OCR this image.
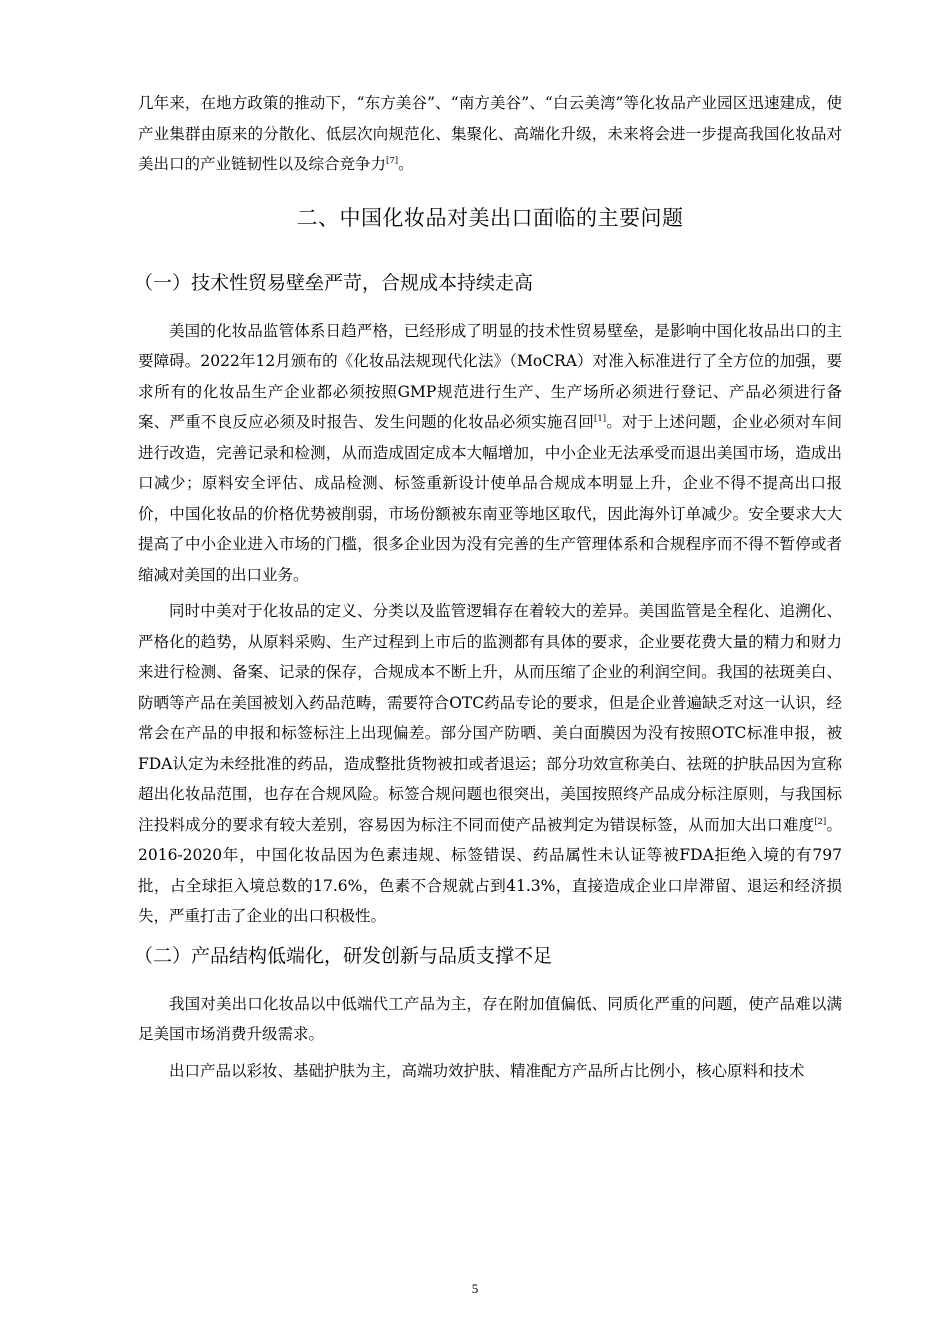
几年来，在地方政策的推动下，“东方美谷”、“南方美谷”、“白云美湾”等化妆品产业园区迅速建成，使产业集群由原来的分散化、低层次向规范化、集聚化、高端化升级，未来将会进一步提高我国化妆品对美出口的产业链韧性以及综合竞争力[7]。

二、中国化妆品对美出口面临的主要问题
（一）技术性贸易壁垒严苛，合规成本持续走高

美国的化妆品监管体系日趋严格，已经形成了明显的技术性贸易壁垒，是影响中国化妆品出口的主要障碍。2022年12月颁布的《化妆品法规现代化法》（MoCRA）对准入标准进行了全方位的加强，要求所有的化妆品生产企业都必须按照GMP规范进行生产、生产场所必须进行登记、产品必须进行备案、严重不良反应必须及时报告、发生问题的化妆品必须实施召回[1]。对于上述问题，企业必须对车间进行改造，完善记录和检测，从而造成固定成本大幅增加，中小企业无法承受而退出美国市场，造成出口减少；原料安全评估、成品检测、标签重新设计使单品合规成本明显上升，企业不得不提高出口报价，中国化妆品的价格优势被削弱，市场份额被东南亚等地区取代，因此海外订单减少。安全要求大大提高了中小企业进入市场的门槛，很多企业因为没有完善的生产管理体系和合规程序而不得不暂停或者缩减对美国的出口业务。

同时中美对于化妆品的定义、分类以及监管逻辑存在着较大的差异。美国监管是全程化、追溯化、严格化的趋势，从原料采购、生产过程到上市后的监测都有具体的要求，企业要花费大量的精力和财力来进行检测、备案、记录的保存，合规成本不断上升，从而压缩了企业的利润空间。我国的祛斑美白、防晒等产品在美国被划入药品范畴，需要符合OTC药品专论的要求，但是企业普遍缺乏对这一认识，经常会在产品的申报和标签标注上出现偏差。部分国产防晒、美白面膜因为没有按照OTC标准申报，被FDA认定为未经批准的药品，造成整批货物被扣或者退运；部分功效宣称美白、祛斑的护肤品因为宣称超出化妆品范围，也存在合规风险。标签合规问题也很突出，美国按照终产品成分标注原则，与我国标注投料成分的要求有较大差别，容易因为标注不同而使产品被判定为错误标签，从而加大出口难度[2]。2016-2020年，中国化妆品因为色素违规、标签错误、药品属性未认证等被FDA拒绝入境的有797批，占全球拒入境总数的17.6%，色素不合规就占到41.3%，直接造成企业口岸滞留、退运和经济损失，严重打击了企业的出口积极性。

（二）产品结构低端化，研发创新与品质支撑不足

我国对美出口化妆品以中低端代工产品为主，存在附加值偏低、同质化严重的问题，使产品难以满足美国市场消费升级需求。

出口产品以彩妆、基础护肤为主，高端功效护肤、精准配方产品所占比例小，核心原料和技术

5
